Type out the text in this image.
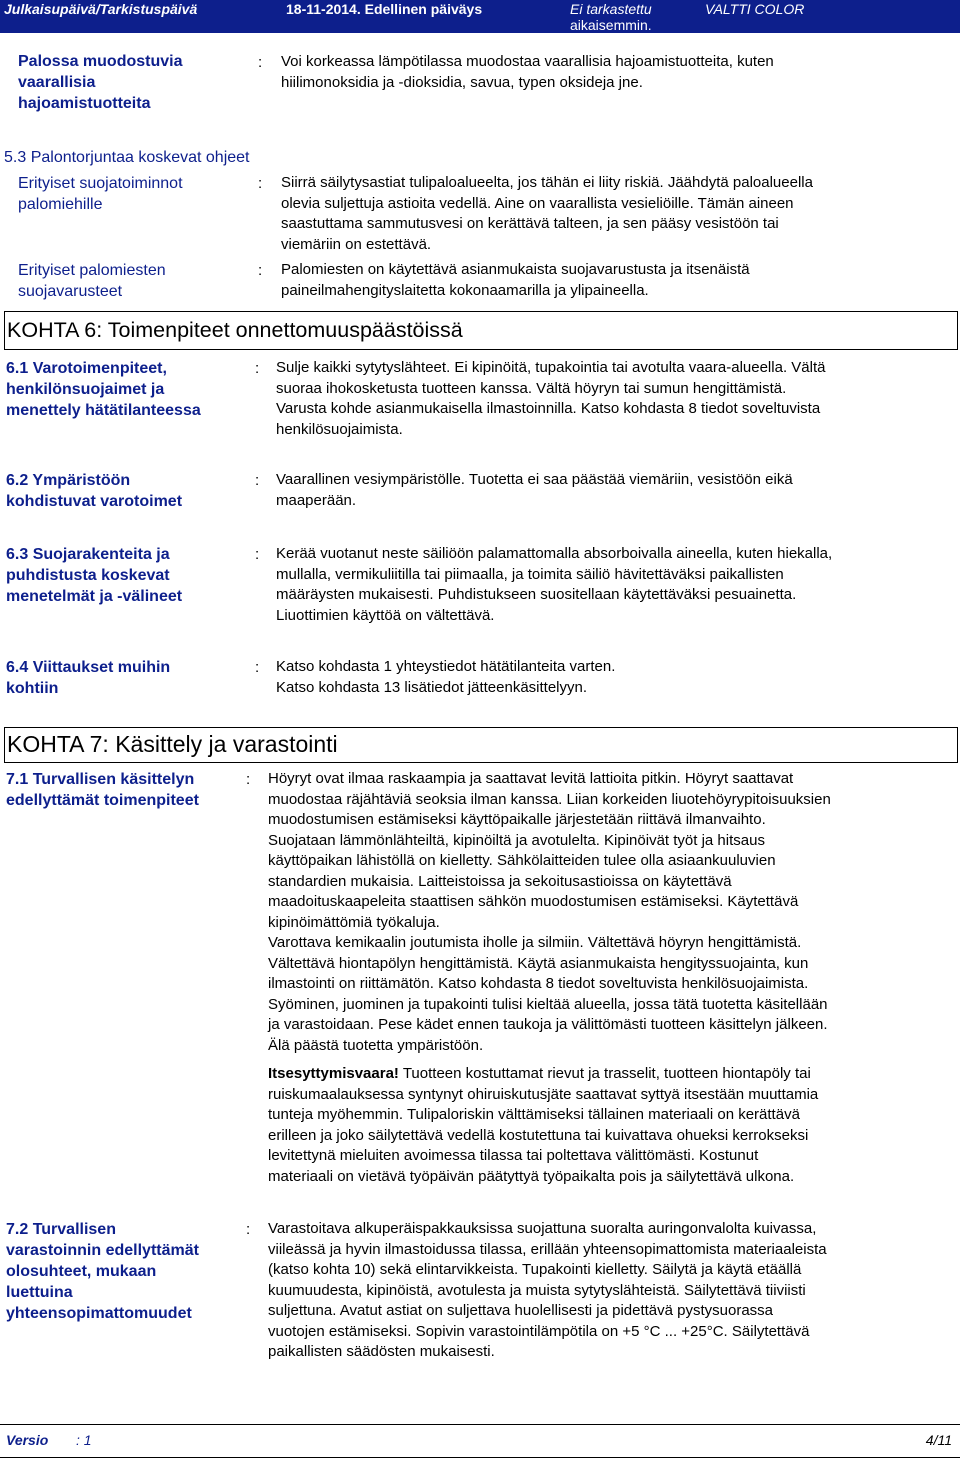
Julkaisupäivä/Tarkistuspäivä	18-11-2014. Edellinen päiväys	Ei tarkastettu
aikaisemmin.
VALTTI COLOR
Palossa muodostuvia
vaarallisia
hajoamistuotteita
: Voi korkeassa lämpötilassa muodostaa vaarallisia hajoamistuotteita, kuten
hiilimonoksidia ja -dioksidia, savua, typen oksideja jne.
5.3 Palontorjuntaa koskevat ohjeet
Erityiset suojatoiminnot
palomiehille
: Siirrä säilytysastiat tulipaloalueelta, jos tähän ei liity riskiä. Jäähdytä paloalueella
olevia suljettuja astioita vedellä. Aine on vaarallista vesieliöille. Tämän aineen
saastuttama sammutusvesi on kerättävä talteen, ja sen pääsy vesistöön tai
viemäriin on estettävä.
Erityiset palomiesten
suojavarusteet
: Palomiesten on käytettävä asianmukaista suojavarustusta ja itsenäistä
paineilmahengityslaitetta kokonaamarilla ja ylipaineella.
KOHTA 6: Toimenpiteet onnettomuuspäästöissä
6.1 Varotoimenpiteet,
henkilönsuojaimet ja
menettely hätätilanteessa
: Sulje kaikki sytytyslähteet. Ei kipinöitä, tupakointia tai avotulta vaara-alueella. Vältä
suoraa ihokosketusta tuotteen kanssa. Vältä höyryn tai sumun hengittämistä.
Varusta kohde asianmukaisella ilmastoinnilla. Katso kohdasta 8 tiedot soveltuvista
henkilösuojaimista.
6.2 Ympäristöön
kohdistuvat varotoimet
: Vaarallinen vesiympäristölle. Tuotetta ei saa päästää viemäriin, vesistöön eikä
maaperään.
6.3 Suojarakenteita ja
puhdistusta koskevat
menetelmät ja -välineet
: Kerää vuotanut neste säiliöön palamattomalla absorboivalla aineella, kuten hiekalla,
mullalla, vermikuliitilla tai piimaalla, ja toimita säiliö hävitettäväksi paikallisten
määräysten mukaisesti. Puhdistukseen suositellaan käytettäväksi pesuainetta.
Liuottimien käyttöä on vältettävä.
6.4 Viittaukset muihin
kohtiin
: Katso kohdasta 1 yhteystiedot hätätilanteita varten.
Katso kohdasta 13 lisätiedot jätteenkäsittelyyn.
KOHTA 7: Käsittely ja varastointi
7.1 Turvallisen käsittelyn
edellyttämät toimenpiteet
: Höyryt ovat ilmaa raskaampia ja saattavat levitä lattioita pitkin. Höyryt saattavat
muodostaa räjähtäviä seoksia ilman kanssa. Liian korkeiden liuotehöyrypitoisuuksien
muodostumisen estämiseksi käyttöpaikalle järjestetään riittävä ilmanvaihto.
Suojataan lämmönlähteiltä, kipinöiltä ja avotulelta. Kipinöivät työt ja hitsaus
käyttöpaikan lähistöllä on kielletty. Sähkölaitteiden tulee olla asiaankuuluvien
standardien mukaisia. Laitteistoissa ja sekoitusastioissa on käytettävä
maadoituskaapeleita staattisen sähkön muodostumisen estämiseksi. Käytettävä
kipinöimättömiä työkaluja.
Varottava kemikaalin joutumista iholle ja silmiin. Vältettävä höyryn hengittämistä.
Vältettävä hiontapölyn hengittämistä. Käytä asianmukaista hengityssuojainta, kun
ilmastointi on riittämätön. Katso kohdasta 8 tiedot soveltuvista henkilösuojaimista.
Syöminen, juominen ja tupakointi tulisi kieltää alueella, jossa tätä tuotetta käsitellään
ja varastoidaan. Pese kädet ennen taukoja ja välittömästi tuotteen käsittelyn jälkeen.
Älä päästä tuotetta ympäristöön.
Itsesyttymisvaara! Tuotteen kostuttamat rievut ja trasselit, tuotteen hiontapöly tai
ruiskumaalauksessa syntynyt ohiruiskutusjäte saattavat syttyä itsestään muuttamia
tunteja myöhemmin. Tulipaloriskin välttämiseksi tällainen materiaali on kerättävä
erilleen ja joko säilytettävä vedellä kostutettuna tai kuivattava ohueksi kerrokseksi
levitettynä mieluiten avoimessa tilassa tai poltettava välittömästi. Kostunut
materiaali on vietävä työpäivän päätyttyä työpaikalta pois ja säilytettävä ulkona.
7.2 Turvallisen
varastoinnin edellyttämät
olosuhteet, mukaan
luettuina
yhteensopimattomuudet
: Varastoitava alkuperäispakkauksissa suojattuna suoralta auringonvalolta kuivassa,
viileässä ja hyvin ilmastoidussa tilassa, erillään yhteensopimattomista materiaaleista
(katso kohta 10) sekä elintarvikkeista. Tupakointi kielletty. Säilytä ja käytä etäällä
kuumuudesta, kipinöistä, avotulesta ja muista sytytyslähteistä. Säilytettävä tiiviisti
suljettuna. Avatut astiat on suljettava huolellisesti ja pidettävä pystysuorassa
vuotojen estämiseksi. Sopivin varastointilämpötila on +5 °C ... +25°C. Säilytettävä
paikallisten säädösten mukaisesti.
Versio : 1	4/11
